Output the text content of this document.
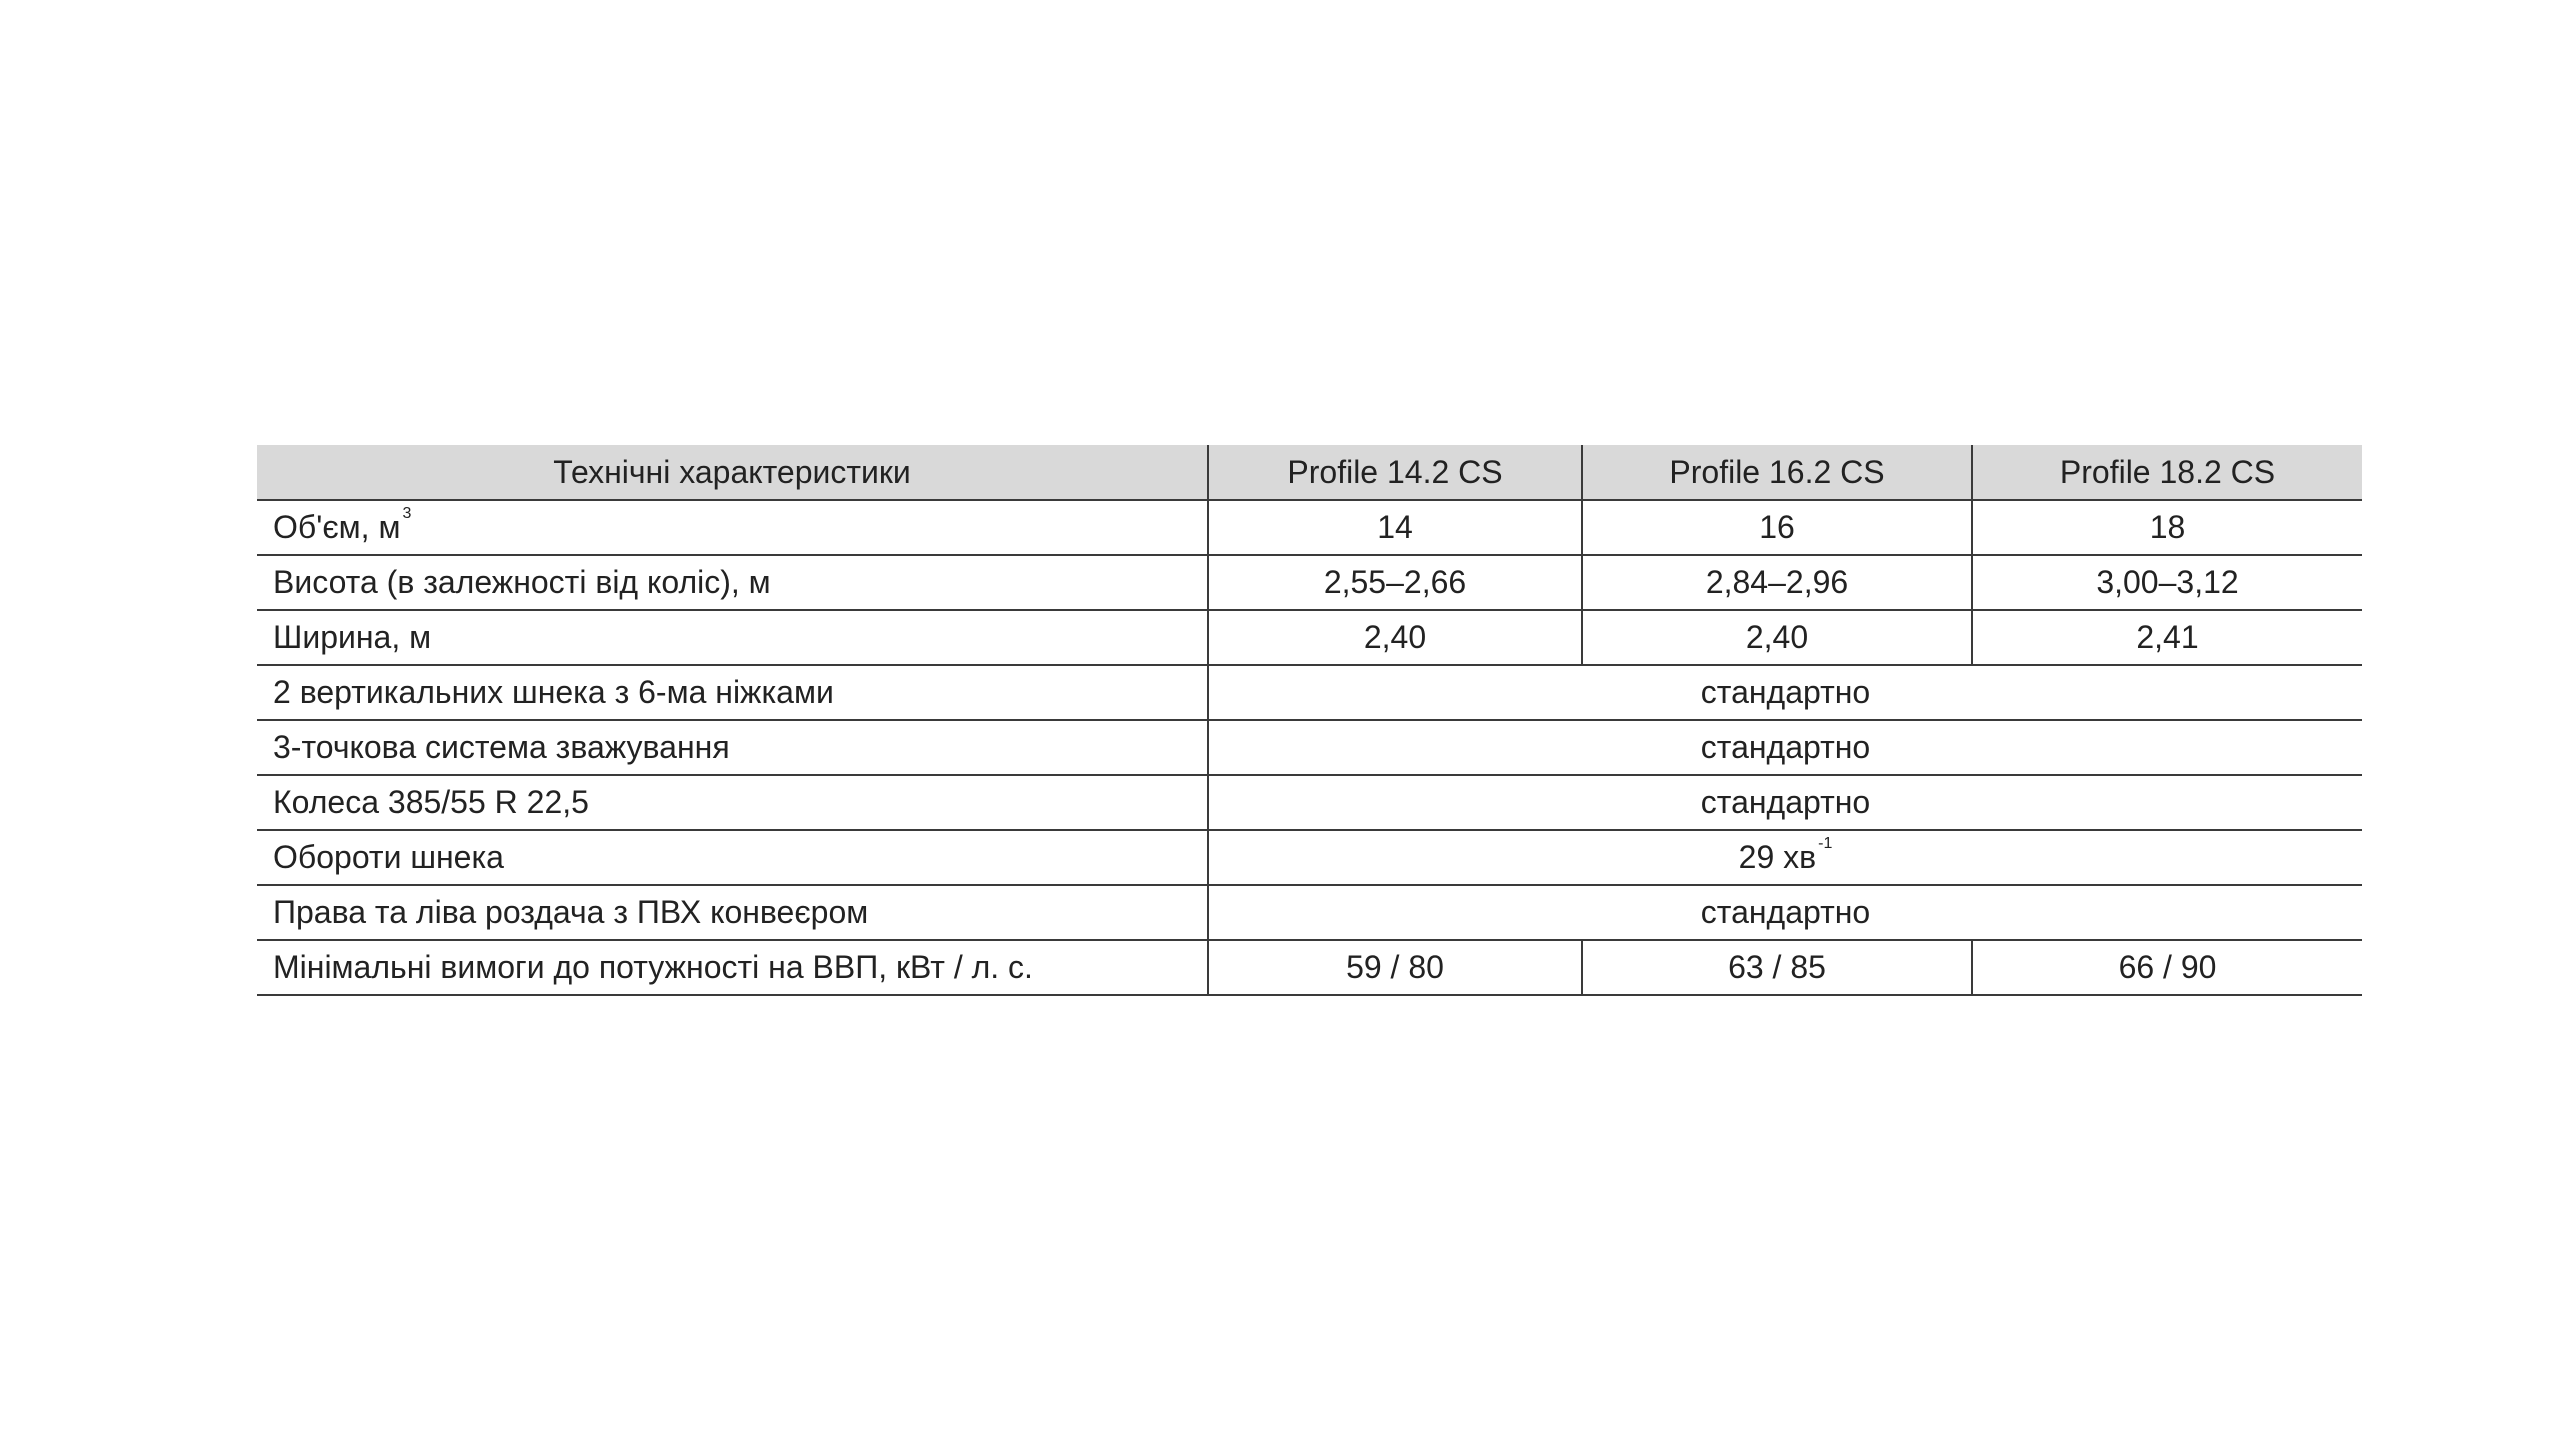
Технічні характеристики	Profile 14.2 CS	Profile 16.2 CS	Profile 18.2 CS
Об'єм, м $^3$	14	16	18
Висота (в залежності від коліс), м	2,55–2,66	2,84–2,96	3,00–3,12
Ширина, м	2,40	2,40	2,41
2 вертикальних шнека з 6-ма ніжками	стандартно		
3-точкова система зважування	стандартно		
Колеса 385/55 R 22,5	стандартно		
Обороти шнека	29 хв $^{-1}$
Права та ліва роздача з ПВХ конвеєром	стандартно		
Мінімальні вимоги до потужності на ВВП, кВт / л. с.	59 / 80	63 / 85	66 / 90
